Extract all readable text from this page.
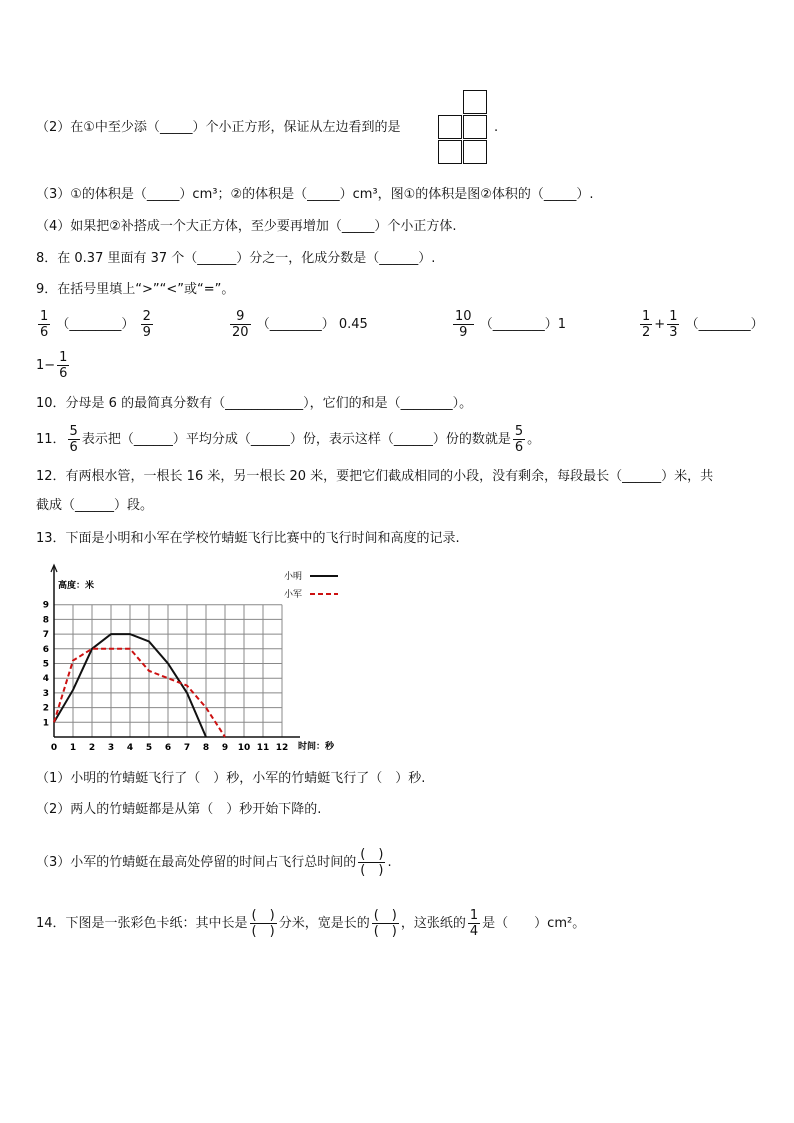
（2）在①中至少添（_____）个小正方形，保证从左边看到的是	.
（3）①的体积是（_____）cm³；②的体积是（_____）cm³，图①的体积是图②体积的（_____）.
（4）如果把②补搭成一个大正方体，至少要再增加（_____）个小正方体.
8．在 0.37 里面有 37 个（______）分之一，化成分数是（______）.
9．在括号里填上“>”“<”或“=”。
$\frac{1}{6}$ （________） $\frac{2}{9}$	$\frac{9}{20}$ （________） 0.45	$\frac{10}{9}$ （________）1	$\frac{1}{2} + \frac{1}{3}$ （________）
$1- \frac{1}{6}$
10．分母是 6 的最简真分数有（____________），它们的和是（________）。
11． $\frac{5}{6}$ 表示把（______）平均分成（______）份，表示这样（______）份的数就是 $\frac{5}{6}$ 。
12．有两根水管，一根长 16 米，另一根长 20 米，要把它们截成相同的小段，没有剩余，每段最长（______）米，共
截成（______）段。
13．下面是小明和小军在学校竹蜻蜓飞行比赛中的飞行时间和高度的记录.
0 1 2 3 4 5 6 7 8 9 10 11 12
1
2
3
4
5
6
7
8
9
高度：米
时间：秒
小明
小军
（1）小明的竹蜻蜓飞行了（　）秒，小军的竹蜻蜓飞行了（　）秒.
（2）两人的竹蜻蜓都是从第（　）秒开始下降的.
（3）小军的竹蜻蜓在最高处停留的时间占飞行总时间的 $\frac{( )}{( )}$ .
14．下图是一张彩色卡纸：其中长是 $\frac{( )}{( )}$ 分米，宽是长的 $\frac{( )}{( )}$ ，这张纸的 $\frac{1}{4}$ 是（　　）cm²。
